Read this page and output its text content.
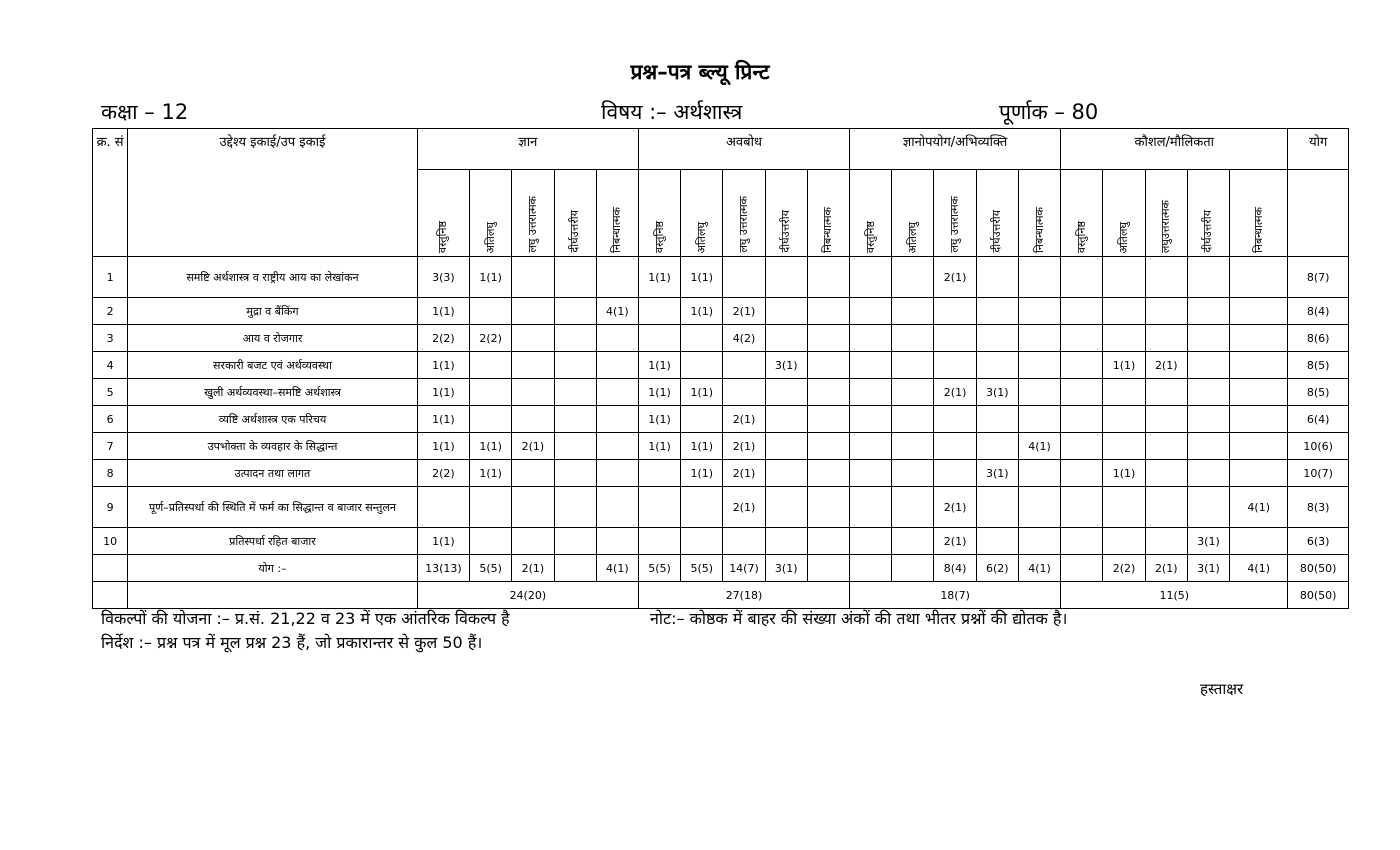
प्रश्न–पत्र ब्ल्यू प्रिन्ट
कक्षा – 12	विषय :– अर्थशास्त्र	पूर्णाक – 80
क्र. सं	उद्देश्य इकाई/उप इकाई	ज्ञान					अवबोध					ज्ञानोपयोग/अभिव्यक्ति					कौशल/मौलिकता					योग
		वस्तुनिष्ठ	अतिलघु	लघु उत्तरात्मक	दीर्घउत्तरीय	निबन्धात्मक	वस्तुनिष्ठ	अतिलघु	लघु उत्तरात्मक	दीर्घउत्तरीय	निबन्धात्मक	वस्तुनिष्ठ	अतिलघु	लघु उत्तरात्मक	दीर्घउत्तरीय	निबन्धात्मक	वस्तुनिष्ठ	अतिलघु	लघुउत्तरात्मक	दीर्घउत्तरीय	निबन्धात्मक	
1	समष्टि अर्थशास्त्र व राष्ट्रीय आय का लेखांकन	3(3)	1(1)				1(1)	1(1)						2(1)								8(7)
2	मुद्रा व बैंकिंग	1(1)				4(1)		1(1)	2(1)													8(4)
3	आय व रोजगार	2(2)	2(2)						4(2)													8(6)
4	सरकारी बजट एवं अर्थव्यवस्था	1(1)					1(1)			3(1)								1(1)	2(1)			8(5)
5	खुली अर्थव्यवस्था–समष्टि अर्थशास्त्र	1(1)					1(1)	1(1)						2(1)	3(1)							8(5)
6	व्यष्टि अर्थशास्त्र एक परिचय	1(1)					1(1)		2(1)													6(4)
7	उपभोक्ता के व्यवहार के सिद्धान्त	1(1)	1(1)	2(1)			1(1)	1(1)	2(1)							4(1)						10(6)
8	उत्पादन तथा लागत	2(2)	1(1)					1(1)	2(1)						3(1)			1(1)				10(7)
9	पूर्ण–प्रतिस्पर्धा की स्थिति में फर्म का सिद्धान्त व बाजार सन्तुलन								2(1)					2(1)							4(1)	8(3)
10	प्रतिस्पर्धा रहित बाजार	1(1)												2(1)						3(1)		6(3)
	योग :–	13(13)	5(5)	2(1)		4(1)	5(5)	5(5)	14(7)	3(1)				8(4)	6(2)	4(1)		2(2)	2(1)	3(1)	4(1)	80(50)
		24(20)					27(18)					18(7)					11(5)					80(50)
विकल्पों की योजना :– प्र.सं. 21,22 व 23 में एक आंतरिक विकल्प है	नोट:– कोष्ठक में बाहर की संख्या अंकों की तथा भीतर प्रश्नों की द्योतक है।
निर्देश :– प्रश्न पत्र में मूल प्रश्न 23 हैं, जो प्रकारान्तर से कुल 50 हैं।
हस्ताक्षर
